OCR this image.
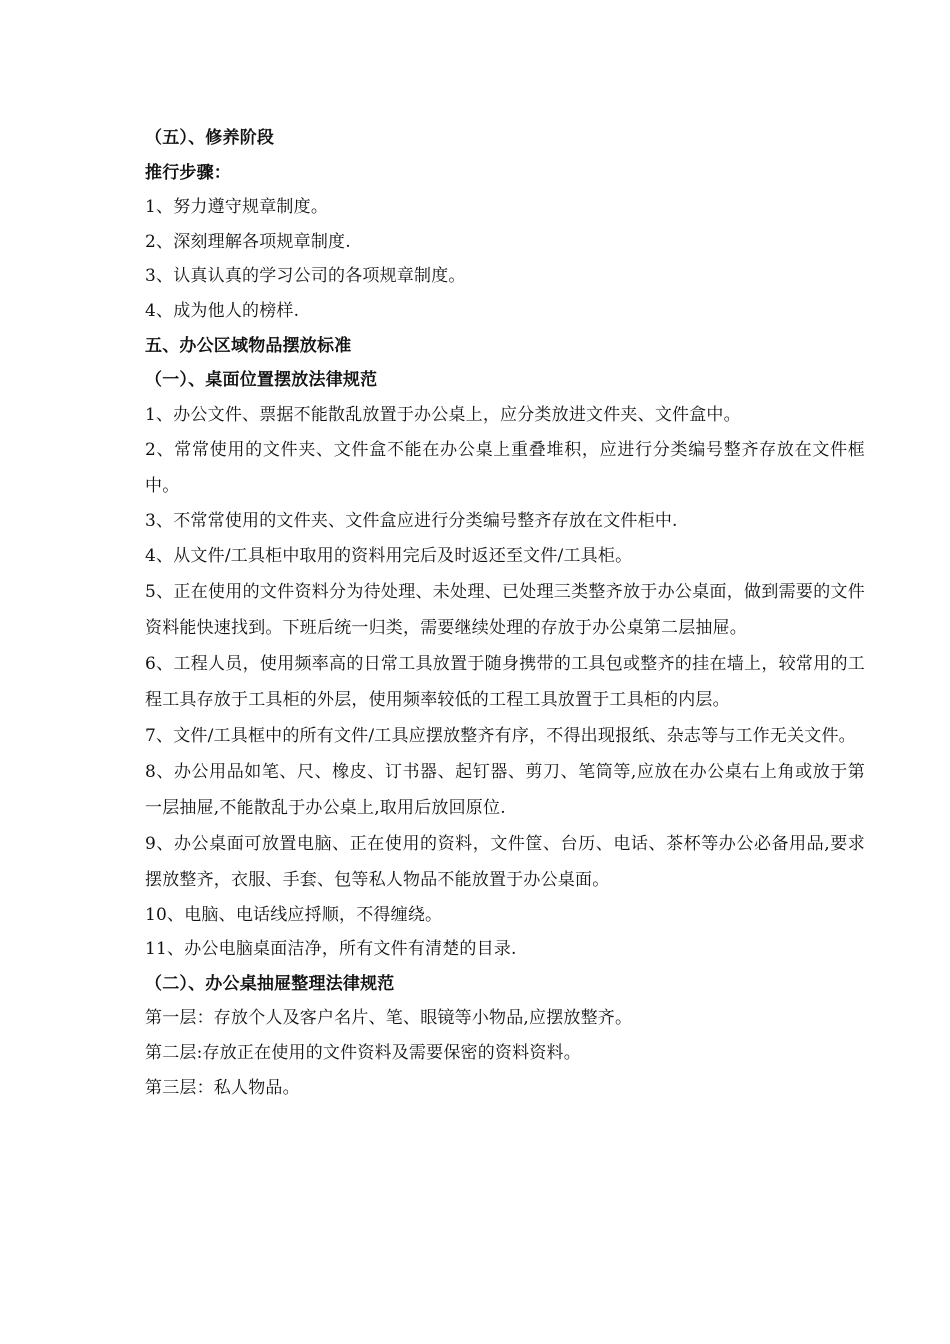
（五）、修养阶段
推行步骤：
1、努力遵守规章制度。
2、深刻理解各项规章制度.
3、认真认真的学习公司的各项规章制度。
4、成为他人的榜样.
五、办公区域物品摆放标准
（一）、桌面位置摆放法律规范
1、办公文件、票据不能散乱放置于办公桌上，应分类放进文件夹、文件盒中。
2、常常使用的文件夹、文件盒不能在办公桌上重叠堆积，应进行分类编号整齐存放在文件框中。
3、不常常使用的文件夹、文件盒应进行分类编号整齐存放在文件柜中.
4、从文件/工具柜中取用的资料用完后及时返还至文件/工具柜。
5、正在使用的文件资料分为待处理、未处理、已处理三类整齐放于办公桌面，做到需要的文件资料能快速找到。下班后统一归类，需要继续处理的存放于办公桌第二层抽屉。
6、工程人员，使用频率高的日常工具放置于随身携带的工具包或整齐的挂在墙上，较常用的工程工具存放于工具柜的外层，使用频率较低的工程工具放置于工具柜的内层。
7、文件/工具框中的所有文件/工具应摆放整齐有序，不得出现报纸、杂志等与工作无关文件。
8、办公用品如笔、尺、橡皮、订书器、起钉器、剪刀、笔筒等,应放在办公桌右上角或放于第一层抽屉,不能散乱于办公桌上,取用后放回原位.
9、办公桌面可放置电脑、正在使用的资料，文件筐、台历、电话、茶杯等办公必备用品,要求摆放整齐，衣服、手套、包等私人物品不能放置于办公桌面。
10、电脑、电话线应捋顺，不得缠绕。
11、办公电脑桌面洁净，所有文件有清楚的目录.
（二）、办公桌抽屉整理法律规范
第一层：存放个人及客户名片、笔、眼镜等小物品,应摆放整齐。
第二层:存放正在使用的文件资料及需要保密的资料资料。
第三层：私人物品。
